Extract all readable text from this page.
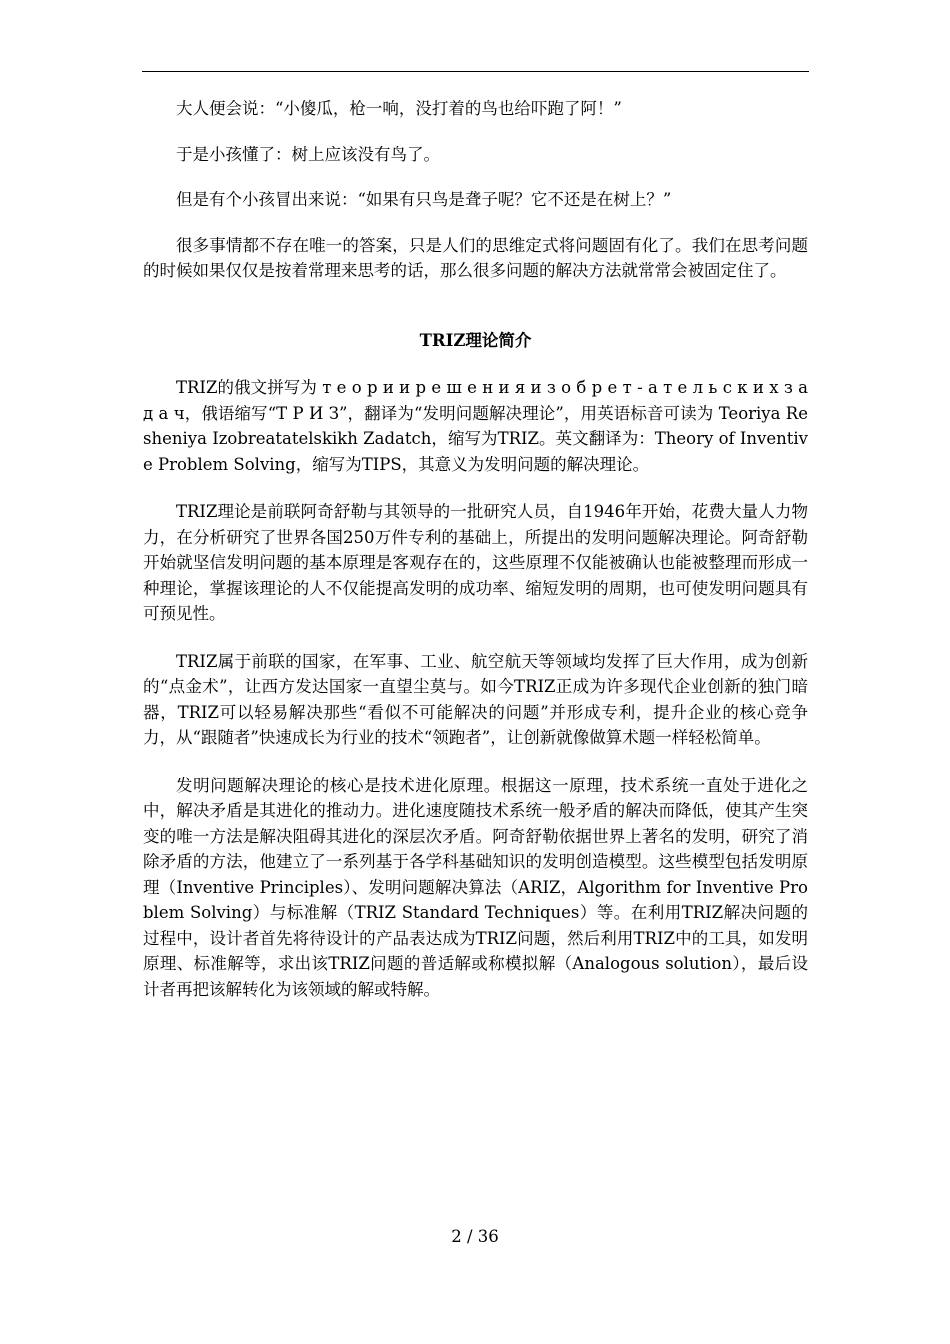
大人便会说：“小傻瓜，枪一响，没打着的鸟也给吓跑了阿！”

于是小孩懂了：树上应该没有鸟了。

但是有个小孩冒出来说：“如果有只鸟是聋子呢？它不还是在树上？”

很多事情都不存在唯一的答案，只是人们的思维定式将问题固有化了。我们在思考问题的时候如果仅仅是按着常理来思考的话，那么很多问题的解决方法就常常会被固定住了。

TRIZ理论简介

TRIZ的俄文拼写为 т е о р и и р е ш е н и я и з о б р е т - а т е л ь с к и х з а д а ч，俄语缩写“Т Р И З”，翻译为“发明问题解决理论”，用英语标音可读为 Teoriya Resheniya Izobreatatelskikh Zadatch，缩写为TRIZ。英文翻译为：Theory of Inventive Problem Solving，缩写为TIPS，其意义为发明问题的解决理论。

TRIZ理论是前联阿奇舒勒与其领导的一批研究人员，自1946年开始，花费大量人力物力，在分析研究了世界各国250万件专利的基础上，所提出的发明问题解决理论。阿奇舒勒开始就坚信发明问题的基本原理是客观存在的，这些原理不仅能被确认也能被整理而形成一种理论，掌握该理论的人不仅能提高发明的成功率、缩短发明的周期，也可使发明问题具有可预见性。

TRIZ属于前联的国家，在军事、工业、航空航天等领域均发挥了巨大作用，成为创新的“点金术”，让西方发达国家一直望尘莫与。如今TRIZ正成为许多现代企业创新的独门暗器，TRIZ可以轻易解决那些“看似不可能解决的问题”并形成专利，提升企业的核心竞争力，从“跟随者”快速成长为行业的技术“领跑者”，让创新就像做算术题一样轻松简单。

发明问题解决理论的核心是技术进化原理。根据这一原理，技术系统一直处于进化之中，解决矛盾是其进化的推动力。进化速度随技术系统一般矛盾的解决而降低，使其产生突变的唯一方法是解决阻碍其进化的深层次矛盾。阿奇舒勒依据世界上著名的发明，研究了消除矛盾的方法，他建立了一系列基于各学科基础知识的发明创造模型。这些模型包括发明原理（Inventive Principles）、发明问题解决算法（ARIZ，Algorithm for Inventive Problem Solving）与标准解（TRIZ Standard Techniques）等。在利用TRIZ解决问题的过程中，设计者首先将待设计的产品表达成为TRIZ问题，然后利用TRIZ中的工具，如发明原理、标准解等，求出该TRIZ问题的普适解或称模拟解（Analogous solution），最后设计者再把该解转化为该领域的解或特解。

2 / 36
